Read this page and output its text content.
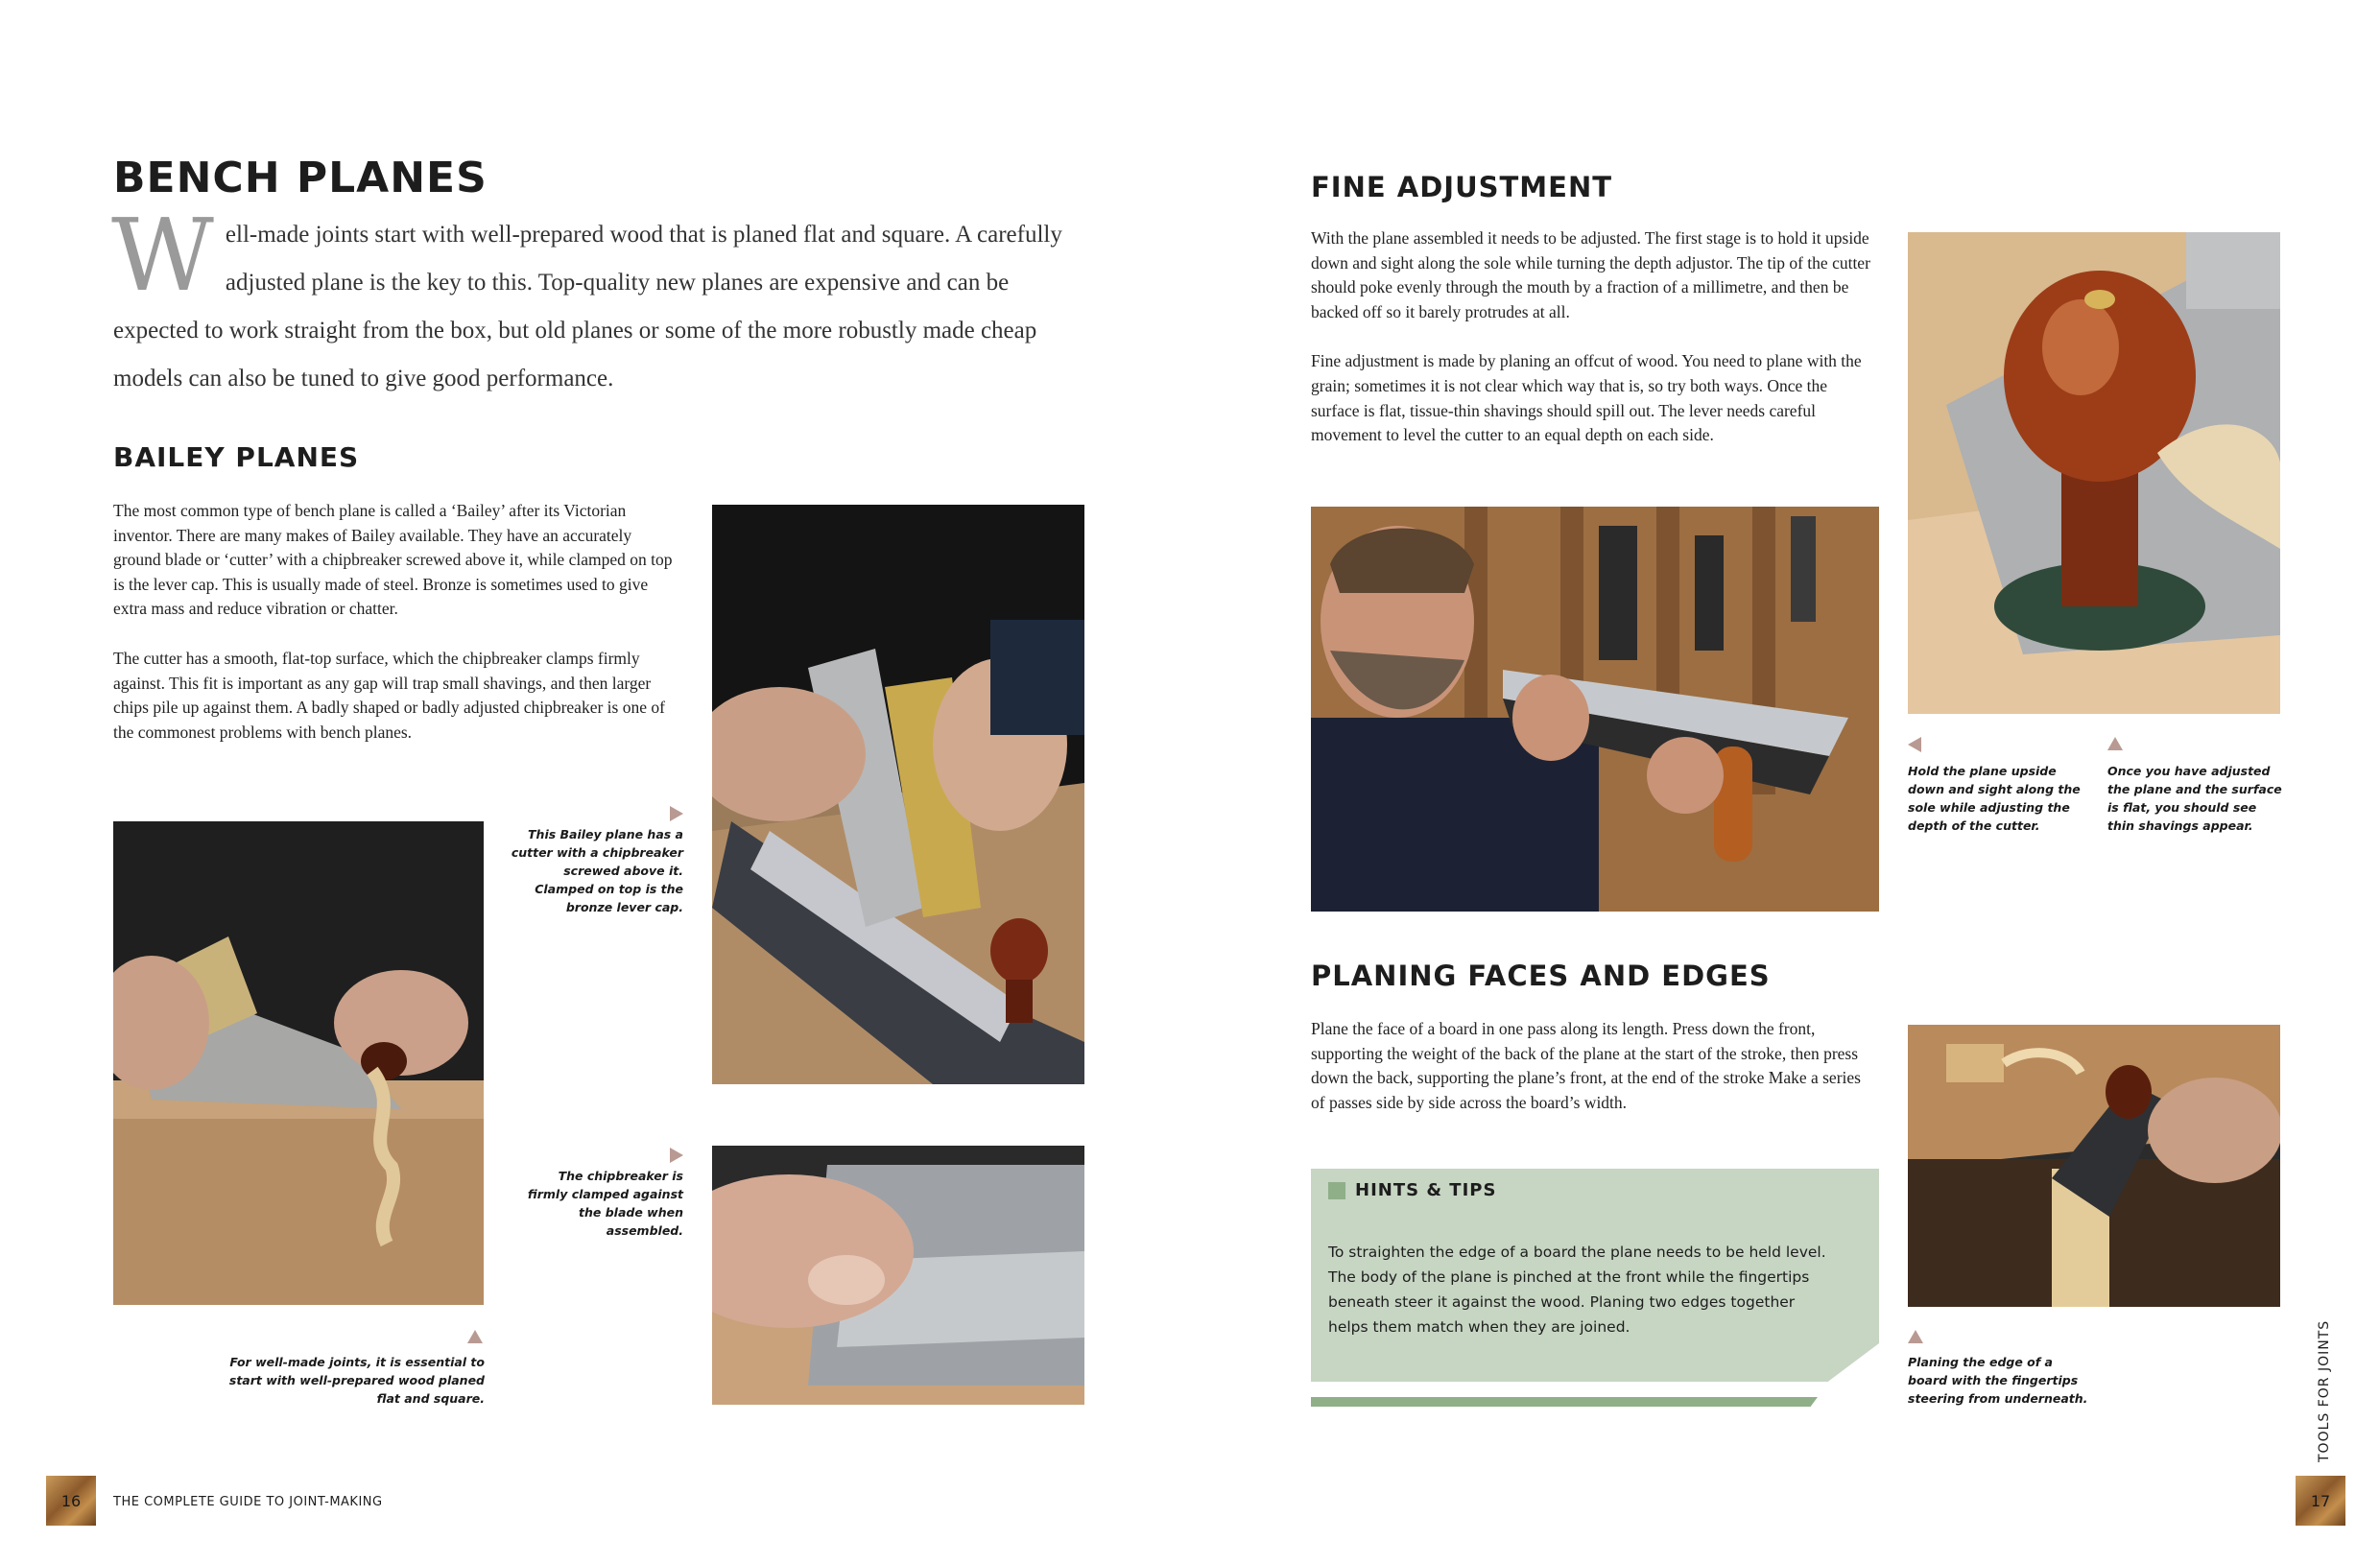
BENCH PLANES
Well-made joints start with well-prepared wood that is planed flat and square. A carefully adjusted plane is the key to this. Top-quality new planes are expensive and can be expected to work straight from the box, but old planes or some of the more robustly made cheap models can also be tuned to give good performance.
BAILEY PLANES

The most common type of bench plane is called a ‘Bailey’ after its Victorian inventor. There are many makes of Bailey available. They have an accurately ground blade or ‘cutter’ with a chipbreaker screwed above it, while clamped on top is the lever cap. This is usually made of steel. Bronze is sometimes used to give extra mass and reduce vibration or chatter.

The cutter has a smooth, flat-top surface, which the chipbreaker clamps firmly against. This fit is important as any gap will trap small shavings, and then larger chips pile up against them. A badly shaped or badly adjusted chipbreaker is one of the commonest problems with bench planes.

This Bailey plane has a cutter with a chipbreaker screwed above it. Clamped on top is the bronze lever cap.
For well-made joints, it is essential to start with well-prepared wood planed flat and square.
The chipbreaker is firmly clamped against the blade when assembled.
16	THE COMPLETE GUIDE TO JOINT-MAKING
FINE ADJUSTMENT

With the plane assembled it needs to be adjusted. The first stage is to hold it upside down and sight along the sole while turning the depth adjustor. The tip of the cutter should poke evenly through the mouth by a fraction of a millimetre, and then be backed off so it barely protrudes at all.

Fine adjustment is made by planing an offcut of wood. You need to plane with the grain; sometimes it is not clear which way that is, so try both ways. Once the surface is flat, tissue-thin shavings should spill out. The lever needs careful movement to level the cutter to an equal depth on each side.

Hold the plane upside down and sight along the sole while adjusting the depth of the cutter.
Once you have adjusted the plane and the surface is flat, you should see thin shavings appear.
PLANING FACES AND EDGES

Plane the face of a board in one pass along its length. Press down the front, supporting the weight of the back of the plane at the start of the stroke, then press down the back, supporting the plane’s front, at the end of the stroke Make a series of passes side by side across the board’s width.

HINTS & TIPS
To straighten the edge of a board the plane needs to be held level. The body of the plane is pinched at the front while the fingertips beneath steer it against the wood. Planing two edges together helps them match when they are joined.
Planing the edge of a board with the fingertips steering from underneath.	TOOLS FOR JOINTS
17
